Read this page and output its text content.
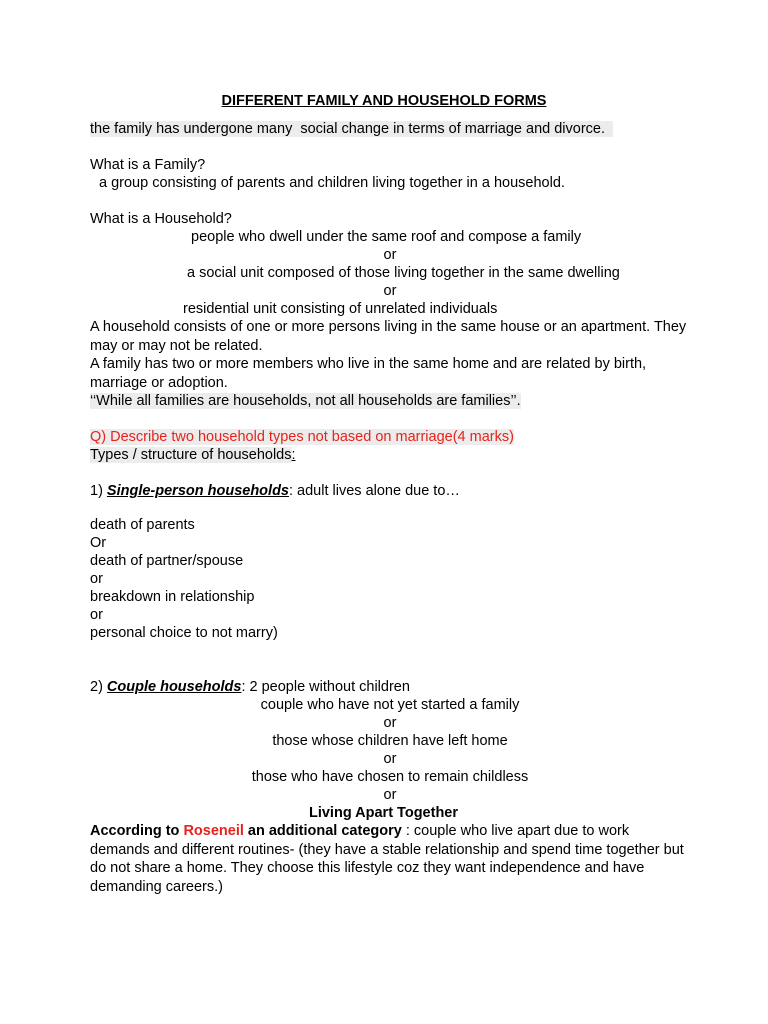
DIFFERENT FAMILY AND HOUSEHOLD FORMS
the family has undergone many  social change in terms of marriage and divorce.
What is a Family?
a group consisting of parents and children living together in a household.
What is a Household?
people who dwell under the same roof and compose a family
or
a social unit composed of those living together in the same dwelling
or
residential unit consisting of unrelated individuals
A household consists of one or more persons living in the same house or an apartment. They may or may not be related.
A family has two or more members who live in the same home and are related by birth, marriage or adoption.
‘‘While all families are households, not all households are families’’.
Q) Describe two household types not based on marriage(4 marks)
Types / structure of households:
1) Single-person households: adult lives alone due to…
death of parents
Or
death of partner/spouse
or
breakdown in relationship
or
personal choice to not marry)
2) Couple households: 2 people without children
couple who have not yet started a family
or
those whose children have left home
or
those who have chosen to remain childless
or
Living Apart Together
According to Roseneil an additional category : couple who live apart due to work demands and different routines- (they have a stable relationship and spend time together but do not share a home. They choose this lifestyle coz they want independence and have demanding careers.)
